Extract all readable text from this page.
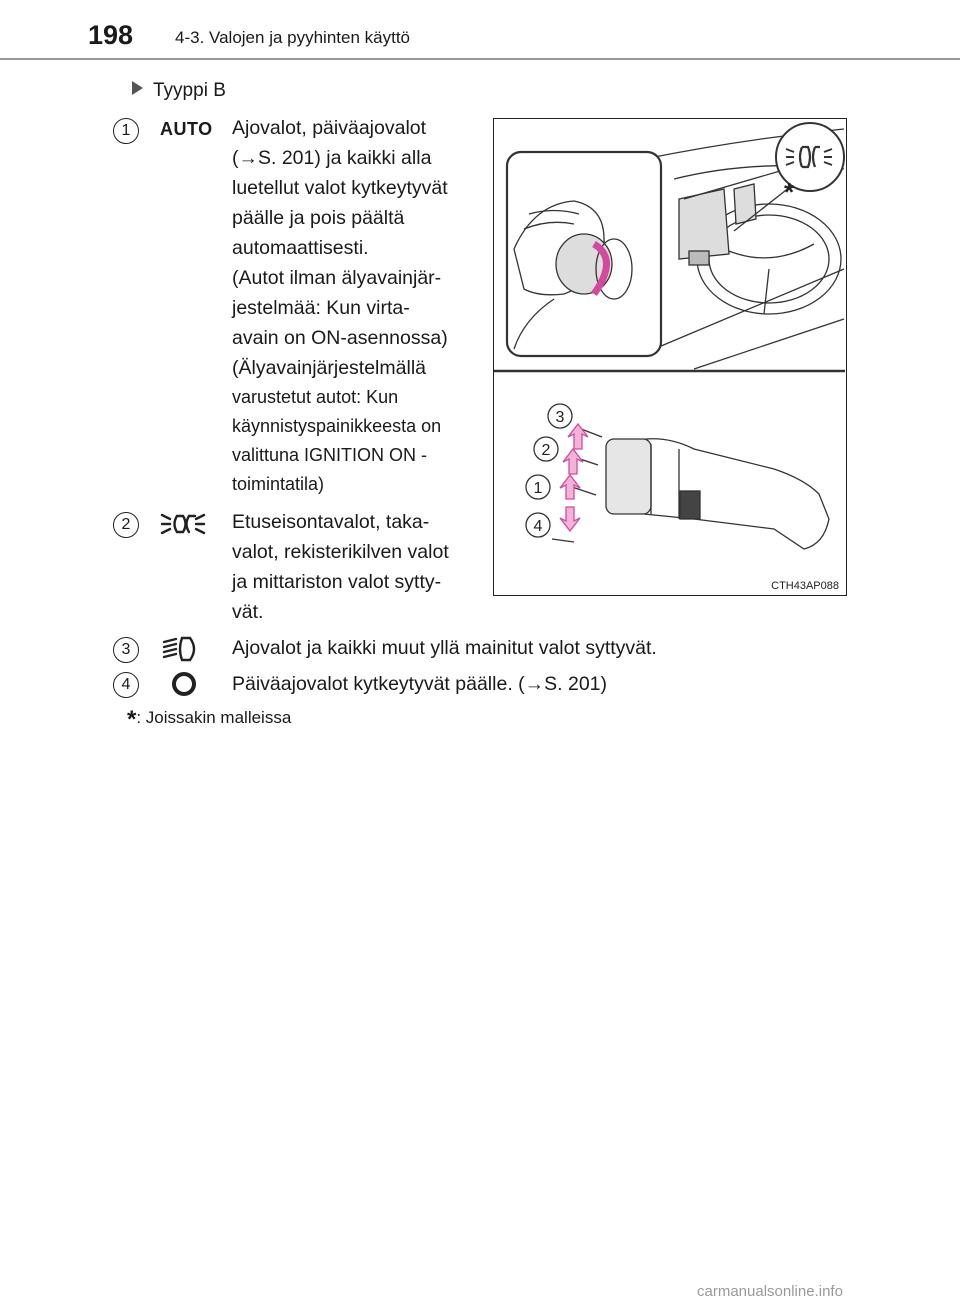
198 4-3. Valojen ja pyyhinten käyttö
Tyyppi B
1	AUTO Ajovalot, päiväajovalot

(→S. 201) ja kaikki alla

luetellut valot kytkeytyvät

päälle ja pois päältä

automaattisesti.

(Autot ilman älyavainjär-

jestelmää: Kun virta-

avain on ON-asennossa)

(Älyavainjärjestelmällä

varustetut autot: Kun

käynnistyspainikkeesta on

valittuna IGNITION ON -

toimintatila)

2	Etuseisontavalot, taka-

valot, rekisterikilven valot

ja mittariston valot sytty-

vät.

3	Ajovalot ja kaikki muut yllä mainitut valot syttyvät.
4	Päiväajovalot kytkeytyvät päälle. (→S. 201)
3
2
1
4
*
CTH43AP088
*: Joissakin malleissa
carmanualsonline.info
